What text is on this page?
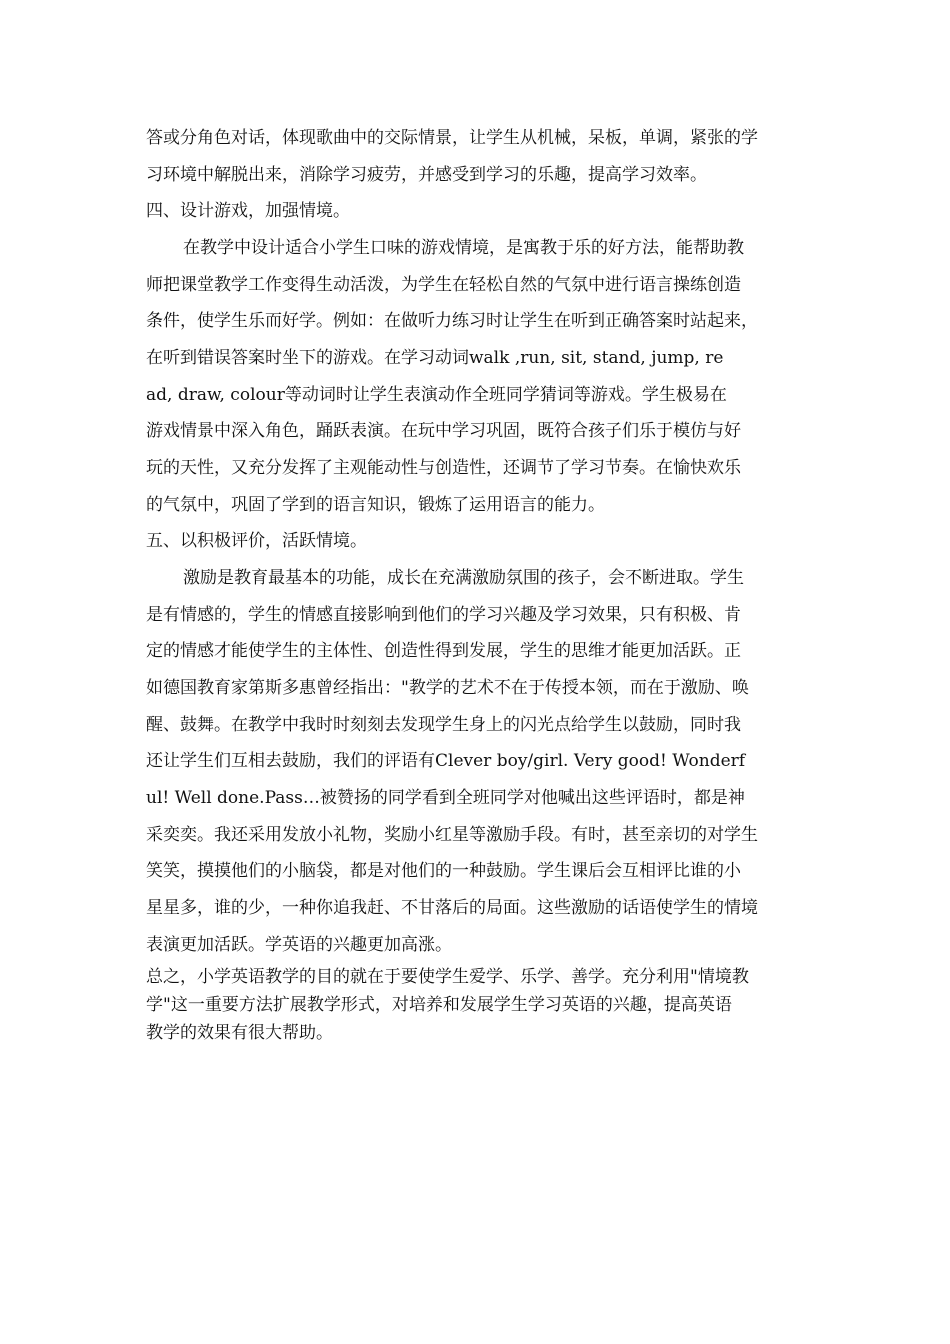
答或分角色对话，体现歌曲中的交际情景，让学生从机械，呆板，单调，紧张的学
习环境中解脱出来，消除学习疲劳，并感受到学习的乐趣，提高学习效率。
四、设计游戏，加强情境。
在教学中设计适合小学生口味的游戏情境，是寓教于乐的好方法，能帮助教
师把课堂教学工作变得生动活泼，为学生在轻松自然的气氛中进行语言操练创造
条件，使学生乐而好学。例如：在做听力练习时让学生在听到正确答案时站起来，
在听到错误答案时坐下的游戏。在学习动词walk ,run, sit, stand, jump, re
ad, draw, colour等动词时让学生表演动作全班同学猜词等游戏。学生极易在
游戏情景中深入角色，踊跃表演。在玩中学习巩固，既符合孩子们乐于模仿与好
玩的天性，又充分发挥了主观能动性与创造性，还调节了学习节奏。在愉快欢乐
的气氛中，巩固了学到的语言知识，锻炼了运用语言的能力。
五、以积极评价，活跃情境。
激励是教育最基本的功能，成长在充满激励氛围的孩子，会不断进取。学生
是有情感的，学生的情感直接影响到他们的学习兴趣及学习效果，只有积极、肯
定的情感才能使学生的主体性、创造性得到发展，学生的思维才能更加活跃。正
如德国教育家第斯多惠曾经指出："教学的艺术不在于传授本领，而在于激励、唤
醒、鼓舞。在教学中我时时刻刻去发现学生身上的闪光点给学生以鼓励，同时我
还让学生们互相去鼓励，我们的评语有Clever boy/girl. Very good! Wonderf
ul! Well done.Pass…被赞扬的同学看到全班同学对他喊出这些评语时，都是神
采奕奕。我还采用发放小礼物，奖励小红星等激励手段。有时，甚至亲切的对学生
笑笑，摸摸他们的小脑袋，都是对他们的一种鼓励。学生课后会互相评比谁的小
星星多，谁的少，一种你追我赶、不甘落后的局面。这些激励的话语使学生的情境
表演更加活跃。学英语的兴趣更加高涨。
总之，小学英语教学的目的就在于要使学生爱学、乐学、善学。充分利用"情境教
学"这一重要方法扩展教学形式，对培养和发展学生学习英语的兴趣，提高英语
教学的效果有很大帮助。
